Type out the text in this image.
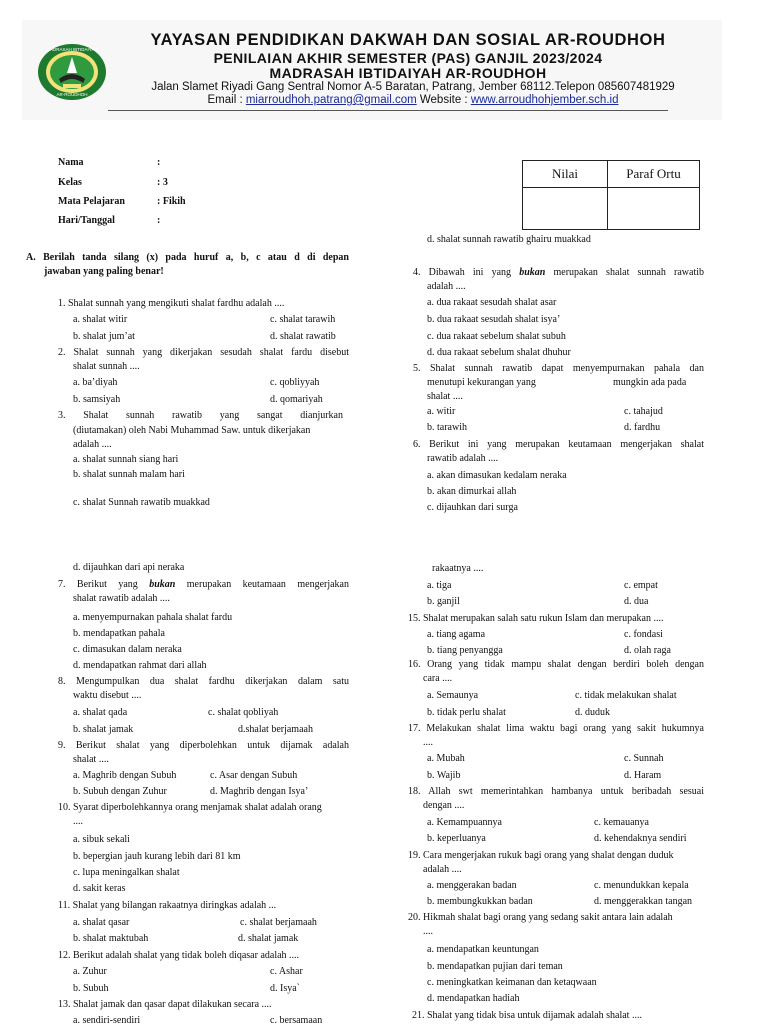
MADRASAH IBTIDAIYAH
AR-ROUDHOH
YAYASAN PENDIDIKAN DAKWAH DAN SOSIAL AR-ROUDHOH
PENILAIAN AKHIR SEMESTER (PAS) GANJIL 2023/2024
MADRASAH IBTIDAIYAH AR-ROUDHOH
Jalan Slamet Riyadi Gang Sentral Nomor A-5 Baratan, Patrang, Jember 68112.Telepon 085607481929
Email : miarroudhoh.patrang@gmail.com Website : www.arroudhohjember.sch.id
Nama	:
Kelas	: 3
Mata Pelajaran	: Fikih
Hari/Tanggal	:
Nilai	Paraf Ortu

A. Berilah tanda silang (x) pada huruf a, b, c atau d di depan
jawaban yang paling benar!
1. Shalat sunnah yang mengikuti shalat fardhu adalah ....
a. shalat witir	c. shalat tarawih
b. shalat jum’at	d. shalat rawatib
2. Shalat sunnah yang dikerjakan sesudah shalat fardu disebut
shalat sunnah ....
a. ba’diyah	c. qobliyyah
b. samsiyah	d. qomariyah
3. Shalat sunnah rawatib yang sangat dianjurkan
(diutamakan) oleh Nabi Muhammad Saw. untuk dikerjakan
adalah ....
a. shalat sunnah siang hari
b. shalat sunnah malam hari
c. shalat Sunnah rawatib muakkad
d. shalat sunnah rawatib ghairu muakkad
4. Dibawah ini yang bukan merupakan shalat sunnah rawatib
adalah ....
a. dua rakaat sesudah shalat asar
b. dua rakaat sesudah shalat isya’
c. dua rakaat sebelum shalat subuh
d. dua rakaat sebelum shalat dhuhur
5. Shalat sunnah rawatib dapat menyempurnakan pahala dan
menutupi kekurangan yang	mungkin ada pada
shalat ....
a. witir	c. tahajud
b. tarawih	d. fardhu
6. Berikut ini yang merupakan keutamaan mengerjakan shalat
rawatib adalah ....
a. akan dimasukan kedalam neraka
b. akan dimurkai allah
c. dijauhkan dari surga
d. dijauhkan dari api neraka
7. Berikut yang bukan merupakan keutamaan mengerjakan
shalat rawatib adalah ....
a. menyempurnakan pahala shalat fardu
b. mendapatkan pahala
c. dimasukan dalam neraka
d. mendapatkan rahmat dari allah
8. Mengumpulkan dua shalat fardhu dikerjakan dalam satu
waktu disebut ....
a. shalat qada	c. shalat qobliyah
b. shalat jamak	d.shalat berjamaah
9. Berikut shalat yang diperbolehkan untuk dijamak adalah
shalat ....
a. Maghrib dengan Subuh	c. Asar dengan Subuh
b. Subuh dengan Zuhur	d. Maghrib dengan Isya’
10. Syarat diperbolehkannya orang menjamak shalat adalah orang
....
a. sibuk sekali
b. bepergian jauh kurang lebih dari 81 km
c. lupa meningalkan shalat
d. sakit keras
11. Shalat yang bilangan rakaatnya diringkas adalah ...
a. shalat qasar	c. shalat berjamaah
b. shalat maktubah	d. shalat jamak
12. Berikut adalah shalat yang tidak boleh diqasar adalah ....
a. Zuhur	c. Ashar
b. Subuh	d. Isya`
13. Shalat jamak dan qasar dapat dilakukan secara ....
a. sendiri-sendiri	c. bersamaan
rakaatnya ....
a. tiga	c. empat
b. ganjil	d. dua
15. Shalat merupakan salah satu rukun Islam dan merupakan ....
a. tiang agama	c. fondasi
b. tiang penyangga	d. olah raga
16. Orang yang tidak mampu shalat dengan berdiri boleh dengan
cara ....
a. Semaunya	c. tidak melakukan shalat
b. tidak perlu shalat	d. duduk
17. Melakukan shalat lima waktu bagi orang yang sakit hukumnya
....
a. Mubah	c. Sunnah
b. Wajib	d. Haram
18. Allah swt memerintahkan hambanya untuk beribadah sesuai
dengan ....
a. Kemampuannya	c. kemauanya
b. keperluanya	d. kehendaknya sendiri
19. Cara mengerjakan rukuk bagi orang yang shalat dengan duduk
adalah ....
a. menggerakan badan	c. menundukkan kepala
b. membungkukkan badan	d. menggerakkan tangan
20. Hikmah shalat bagi orang yang sedang sakit antara lain adalah
....
a. mendapatkan keuntungan
b. mendapatkan pujian dari teman
c. meningkatkan keimanan dan ketaqwaan
d. mendapatkan hadiah
21. Shalat yang tidak bisa untuk dijamak adalah shalat ....
